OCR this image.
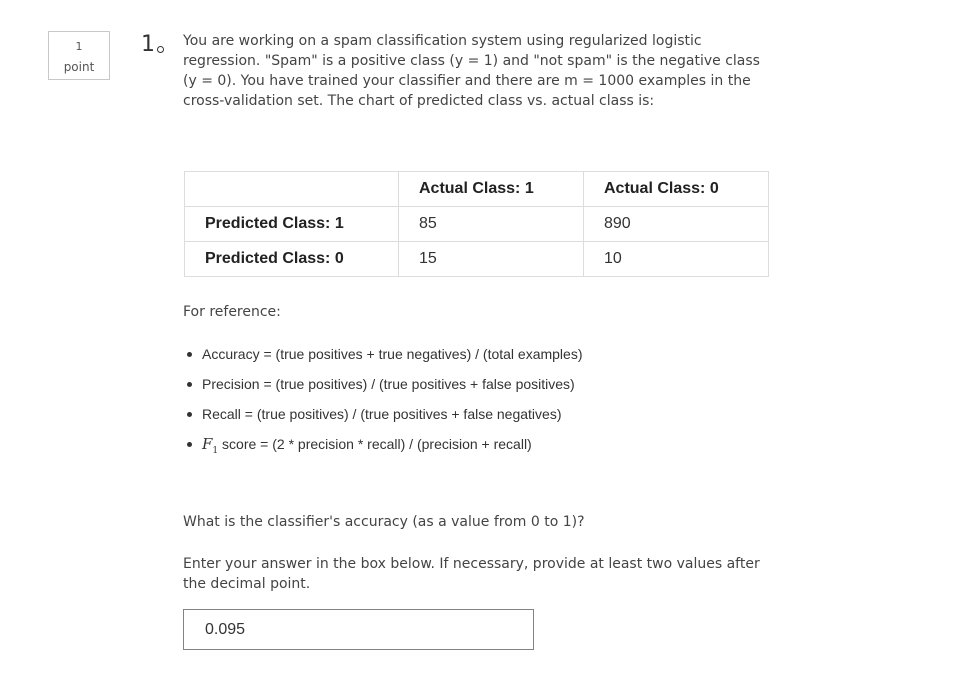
1
point
1	You are working on a spam classification system using regularized logistic regression. "Spam" is a positive class (y = 1) and "not spam" is the negative class (y = 0). You have trained your classifier and there are m = 1000 examples in the cross-validation set. The chart of predicted class vs. actual class is:

	Actual Class: 1	Actual Class: 0
Predicted Class: 1	85	890
Predicted Class: 0	15	10
For reference:
Accuracy = (true positives + true negatives) / (total examples)
Precision = (true positives) / (true positives + false positives)
Recall = (true positives) / (true positives + false negatives)
$F_1$ score = (2 * precision * recall) / (precision + recall)
What is the classifier's accuracy (as a value from 0 to 1)?

Enter your answer in the box below. If necessary, provide at least two values after the decimal point.

0.095
